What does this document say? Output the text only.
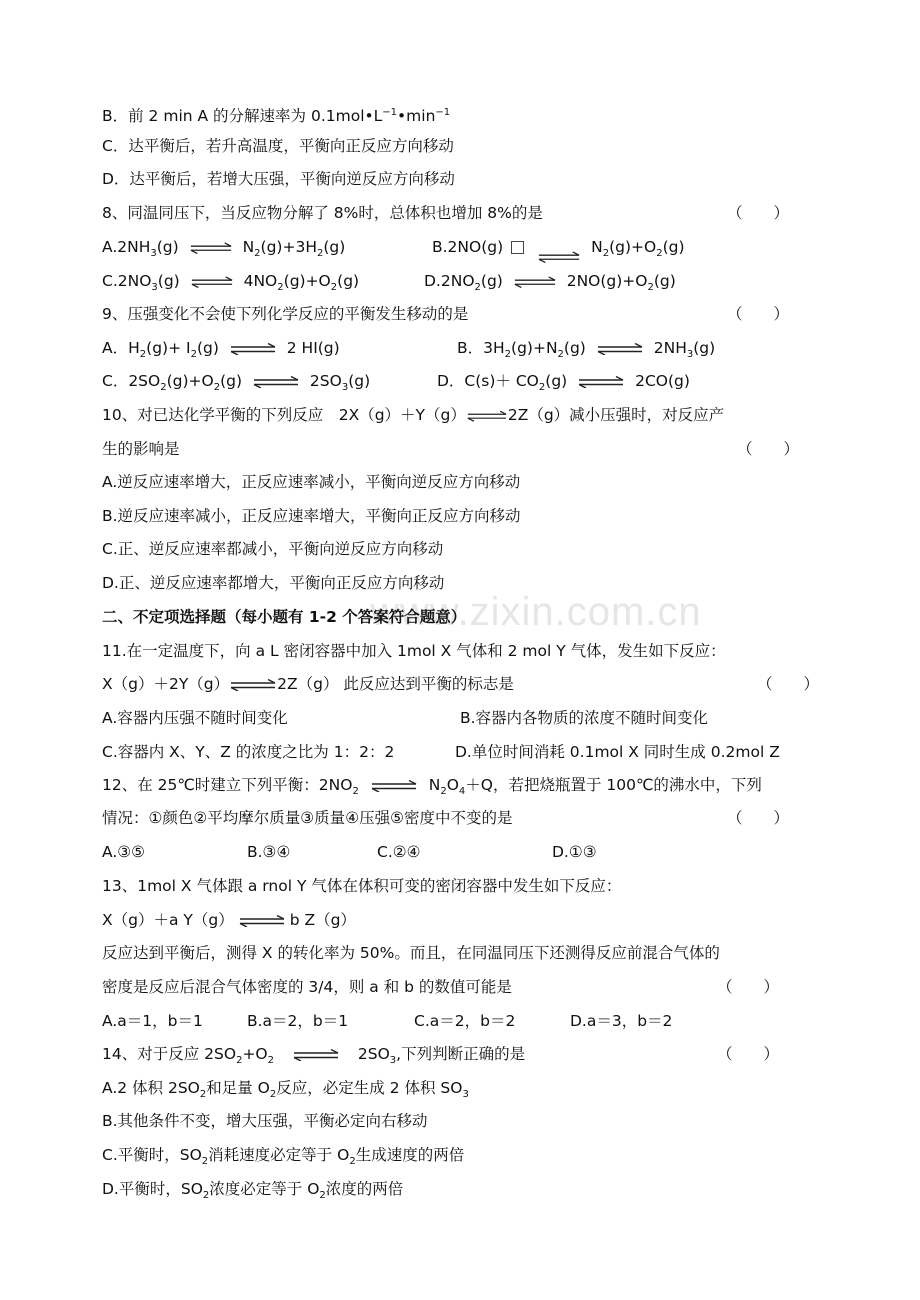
www.zixin.com.cn
B．前 2 min A 的分解速率为 $0.1mol•L^{-1}•\min^{-1}$
C．达平衡后，若升高温度，平衡向正反应方向移动
D．达平衡后，若增大压强，平衡向逆反应方向移动
8、同温同压下，当反应物分解了 8%时，总体积也增加 8%的是	（　　）
$A.2NH_3(g)$	$N_2(g)+3H_2(g)$	B.2NO(g)	$N_2(g)+O_2(g)$
$C.2NO_3(g)$	$4NO_2(g)+O_2(g)$	$D.2NO_2(g)$	$2NO(g)+O_2(g)$
9、压强变化不会使下列化学反应的平衡发生移动的是	（　　）
A．$H_2(g)+ I_2(g)$	2 HI(g)	B．$3H_2(g)+N_2(g)$	$2NH_3(g)$
C．$2SO_2(g)+O_2(g)$	$2SO_3(g)$	D．$C(s)+ CO_2(g)$	2CO(g)
10、对已达化学平衡的下列反应　2X（g）＋Y（g）	2Z（g）减小压强时，对反应产
生的影响是	（　　）
A.逆反应速率增大，正反应速率减小，平衡向逆反应方向移动
B.逆反应速率减小，正反应速率增大，平衡向正反应方向移动
C.正、逆反应速率都减小，平衡向逆反应方向移动
D.正、逆反应速率都增大，平衡向正反应方向移动
二、不定项选择题（每小题有 1-2 个答案符合题意）
11.在一定温度下，向 a L 密闭容器中加入 1mol X 气体和 2 mol Y 气体，发生如下反应：
X（g）＋2Y（g）	2Z（g） 此反应达到平衡的标志是	（　　）
A.容器内压强不随时间变化	B.容器内各物质的浓度不随时间变化
C.容器内 X、Y、Z 的浓度之比为 1：2：2	D.单位时间消耗 0.1mol X 同时生成 0.2mol Z
12、在 25℃时建立下列平衡：$2NO_2$	$N_2O_4+Q$，若把烧瓶置于 100℃的沸水中，下列
情况：①颜色②平均摩尔质量③质量④压强⑤密度中不变的是	（　　）
A.③⑤	B.③④	C.②④	D.①③
13、1mol X 气体跟 a rnol Y 气体在体积可变的密闭容器中发生如下反应：
X（g）＋a Y（g）	b Z（g）
反应达到平衡后，测得 X 的转化率为 50%。而且，在同温同压下还测得反应前混合气体的
密度是反应后混合气体密度的 3/4，则 a 和 b 的数值可能是	（　　）
A.a＝1，b＝1	B.a＝2，b＝1	C.a＝2，b＝2	D.a＝3，b＝2
14、对于反应 $2SO_2+O_2$	$2SO_3$,下列判断正确的是	（　　）
A.2 体积 $2SO_2$和足量 $O_2$反应，必定生成 2 体积 $SO_3$
B.其他条件不变，增大压强，平衡必定向右移动
C.平衡时，$SO_2$消耗速度必定等于 $O_2$生成速度的两倍
D.平衡时，$SO_2$浓度必定等于 $O_2$浓度的两倍
